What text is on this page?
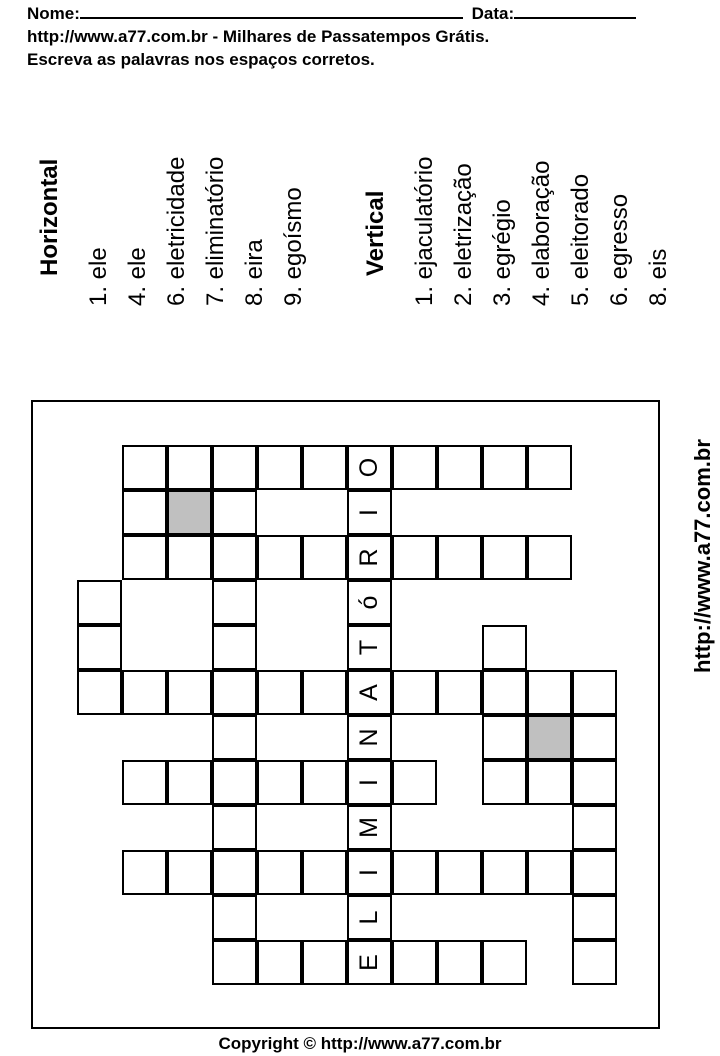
Nome:	Data:
http://www.a77.com.br - Milhares de Passatempos Grátis.
Escreva as palavras nos espaços corretos.
Horizontal
1. ele 4. ele 6. eletricidade 7. eliminatório 8. eira 9. egoísmo Vertical 1. ejaculatório 2. eletrização 3. egrégio 4. elaboração 5. eleitorado 6. egresso 8. eis
O
I
R
ó
T
A
N
I
M
I
L
E
http://www.a77.com.br
Copyright © http://www.a77.com.br
